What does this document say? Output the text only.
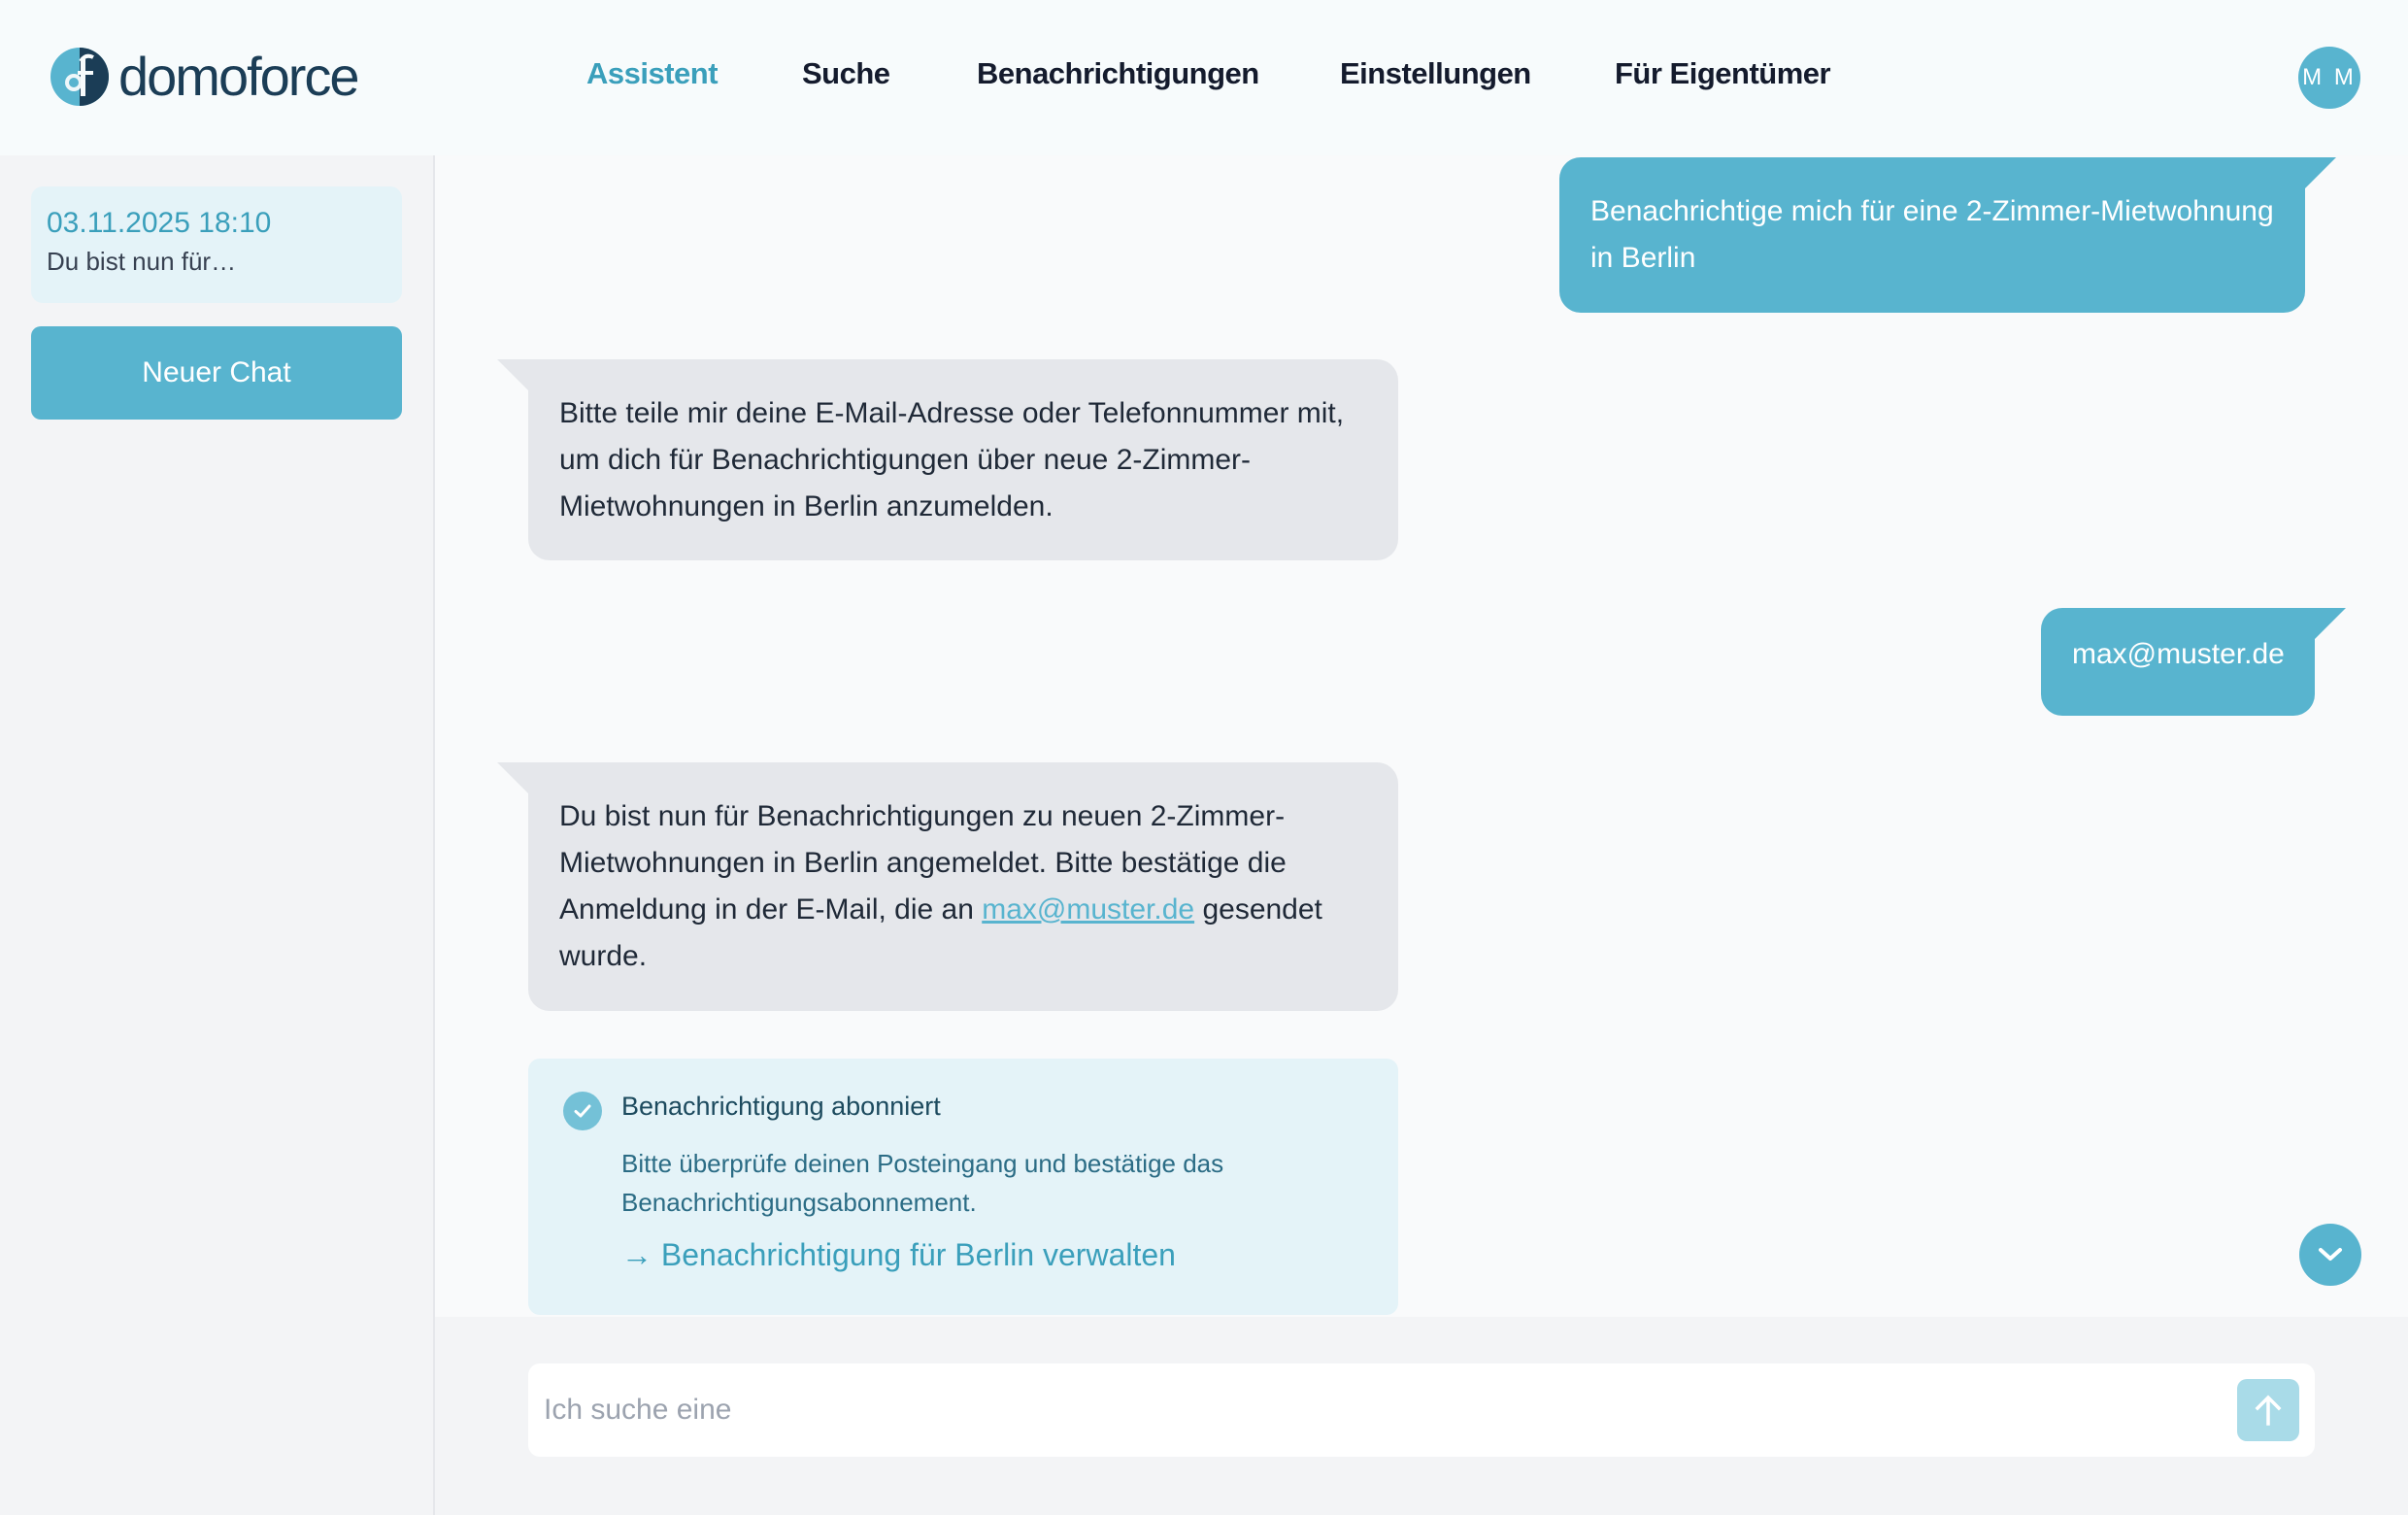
domoforce	Assistent	Suche	Benachrichtigungen	Einstellungen	Für Eigentümer	M M
03.11.2025 18:10
Du bist nun für…
Neuer Chat
Benachrichtige mich für eine 2-Zimmer-Mietwohnung in Berlin
Bitte teile mir deine E-Mail-Adresse oder Telefonnummer mit, um dich für Benachrichtigungen über neue 2-Zimmer-Mietwohnungen in Berlin anzumelden.
max@muster.de
Du bist nun für Benachrichtigungen zu neuen 2-Zimmer-Mietwohnungen in Berlin angemeldet. Bitte bestätige die Anmeldung in der E-Mail, die an max@muster.de gesendet wurde.
Benachrichtigung abonniert
Bitte überprüfe deinen Posteingang und bestätige das Benachrichtigungsabonnement.
→ Benachrichtigung für Berlin verwalten
Ich suche eine
